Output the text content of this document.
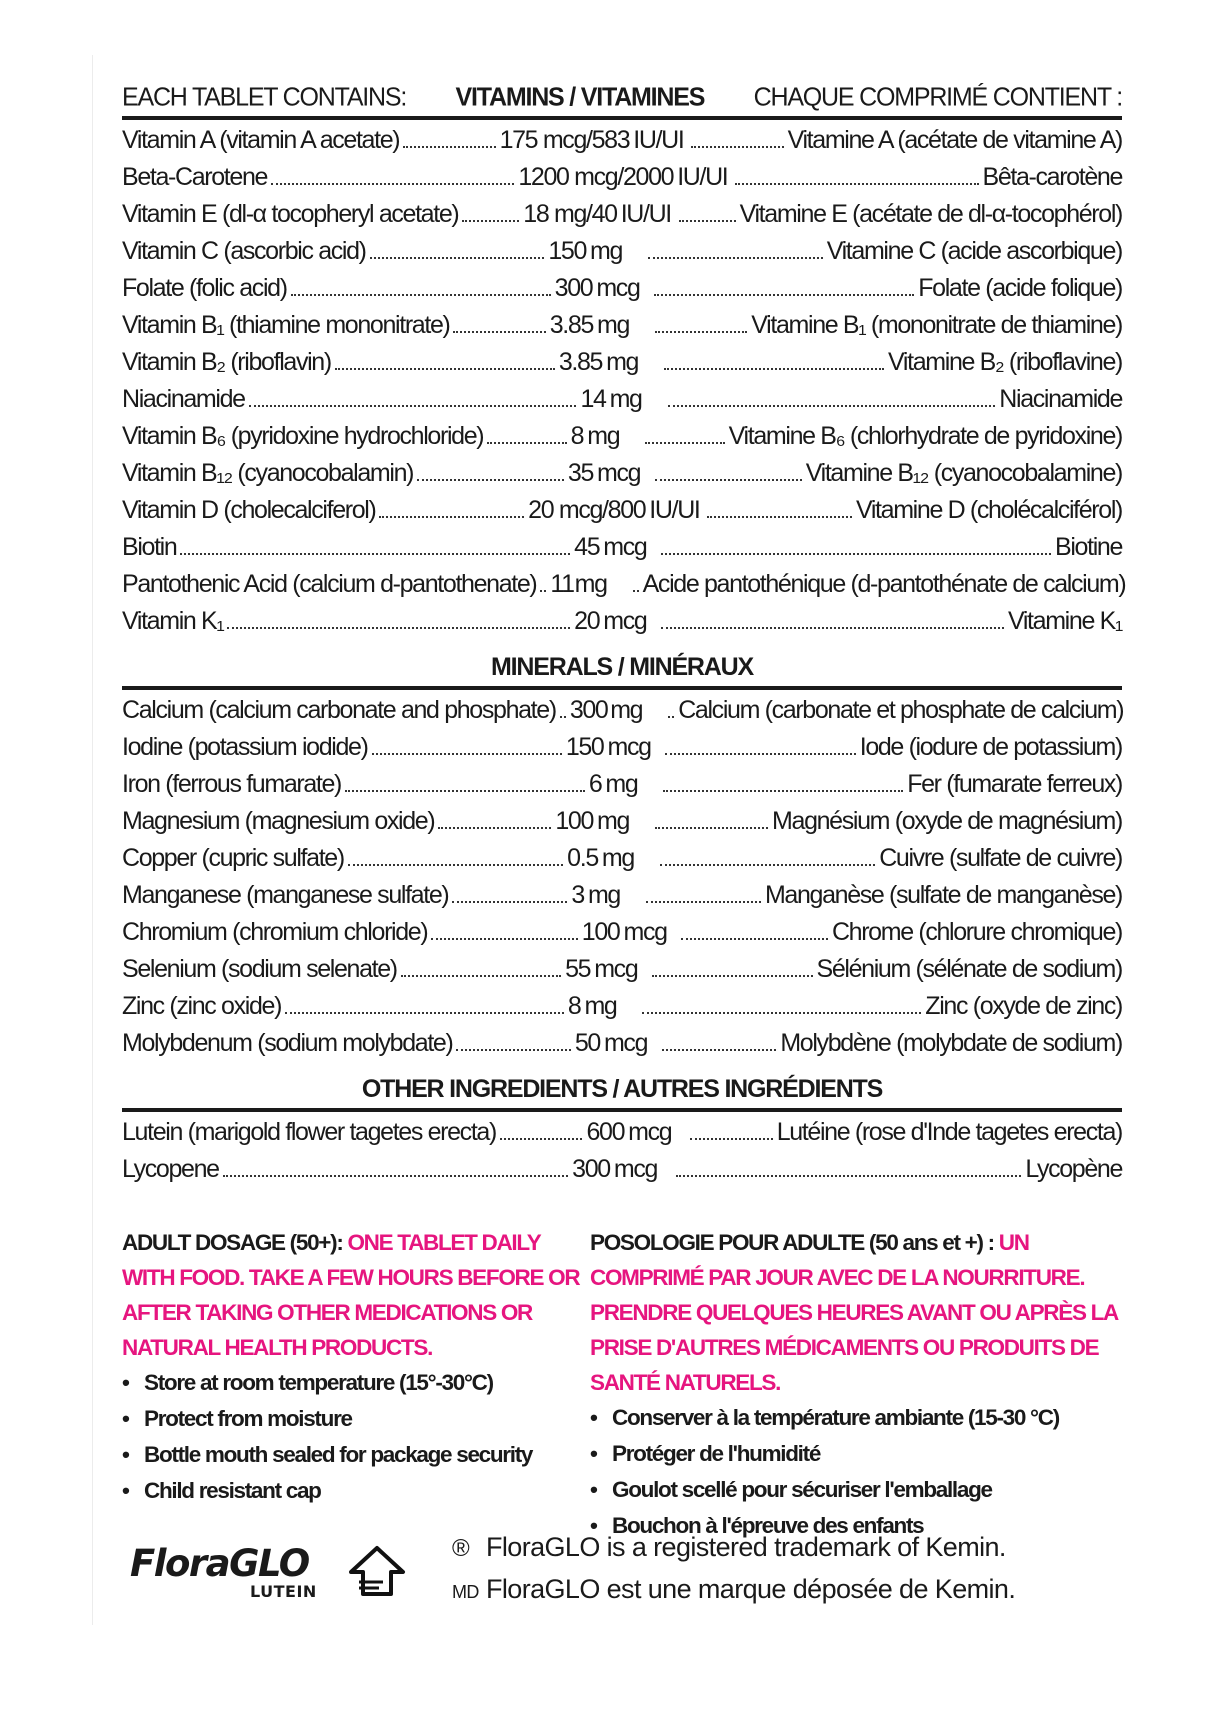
EACH TABLET CONTAINS: VITAMINS / VITAMINES CHAQUE COMPRIMÉ CONTIENT :
Vitamin A (vitamin A acetate)	175 mcg/583 IU/UI	Vitamine A (acétate de vitamine A)
Beta-Carotene	1200 mcg/2000 IU/UI	Bêta-carotène
Vitamin E (dl-α tocopheryl acetate)	18 mg/40 IU/UI	Vitamine E (acétate de dl-α-tocophérol)
Vitamin C (ascorbic acid)	150 mg	Vitamine C (acide ascorbique)
Folate (folic acid)	300 mcg	Folate (acide folique)
Vitamin B₁ (thiamine mononitrate)	3.85 mg	Vitamine B₁ (mononitrate de thiamine)
Vitamin B₂ (riboflavin)	3.85 mg	Vitamine B₂ (riboflavine)
Niacinamide	14 mg	Niacinamide
Vitamin B₆ (pyridoxine hydrochloride)	8 mg	Vitamine B₆ (chlorhydrate de pyridoxine)
Vitamin B₁₂ (cyanocobalamin)	35 mcg	Vitamine B₁₂ (cyanocobalamine)
Vitamin D (cholecalciferol)	20 mcg/800 IU/UI	Vitamine D (cholécalciférol)
Biotin	45 mcg	Biotine
Pantothenic Acid (calcium d-pantothenate) 11 mg	Acide pantothénique (d-pantothénate de calcium)
Vitamin K₁	20 mcg	Vitamine K₁
MINERALS / MINÉRAUX
Calcium (calcium carbonate and phosphate) 300 mg	Calcium (carbonate et phosphate de calcium)
Iodine (potassium iodide)	150 mcg	Iode (iodure de potassium)
Iron (ferrous fumarate)	6 mg	Fer (fumarate ferreux)
Magnesium (magnesium oxide)	100 mg	Magnésium (oxyde de magnésium)
Copper (cupric sulfate)	0.5 mg	Cuivre (sulfate de cuivre)
Manganese (manganese sulfate)	3 mg	Manganèse (sulfate de manganèse)
Chromium (chromium chloride)	100 mcg	Chrome (chlorure chromique)
Selenium (sodium selenate)	55 mcg	Sélénium (sélénate de sodium)
Zinc (zinc oxide)	8 mg	Zinc (oxyde de zinc)
Molybdenum (sodium molybdate)	50 mcg	Molybdène (molybdate de sodium)
OTHER INGREDIENTS / AUTRES INGRÉDIENTS
Lutein (marigold flower tagetes erecta)	600 mcg	Lutéine (rose d'Inde tagetes erecta)
Lycopene	300 mcg	Lycopène
ADULT DOSAGE (50+): ONE TABLET DAILY WITH FOOD. TAKE A FEW HOURS BEFORE OR AFTER TAKING OTHER MEDICATIONS OR NATURAL HEALTH PRODUCTS.
• Store at room temperature (15°-30°C)
• Protect from moisture
• Bottle mouth sealed for package security
• Child resistant cap
POSOLOGIE POUR ADULTE (50 ans et +) : UN COMPRIMÉ PAR JOUR AVEC DE LA NOURRITURE. PRENDRE QUELQUES HEURES AVANT OU APRÈS LA PRISE D'AUTRES MÉDICAMENTS OU PRODUITS DE SANTÉ NATURELS.
• Conserver à la température ambiante (15-30 °C)
• Protéger de l'humidité
• Goulot scellé pour sécuriser l'emballage
• Bouchon à l'épreuve des enfants
FloraGLO
LUTEIN
® FloraGLO is a registered trademark of Kemin.
MD FloraGLO est une marque déposée de Kemin.
